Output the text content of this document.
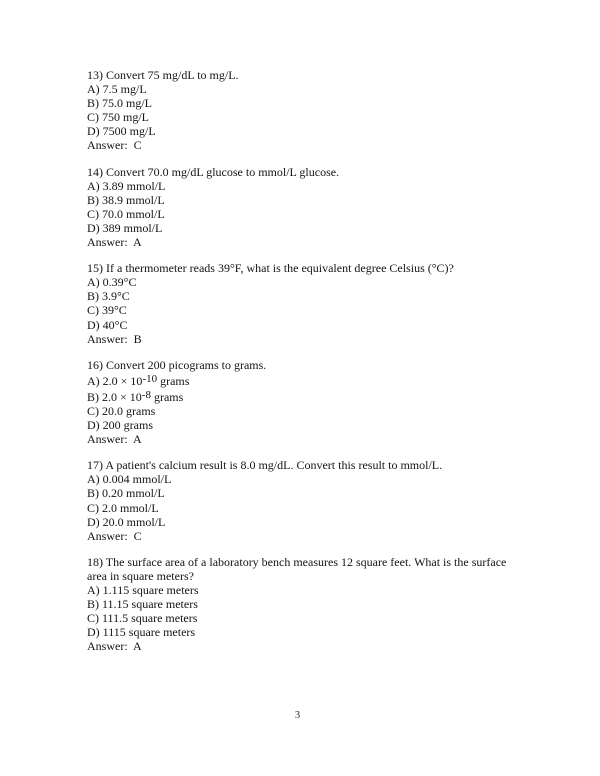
13) Convert 75 mg/dL to mg/L.
A) 7.5 mg/L
B) 75.0 mg/L
C) 750 mg/L
D) 7500 mg/L
Answer:  C
14) Convert 70.0 mg/dL glucose to mmol/L glucose.
A) 3.89 mmol/L
B) 38.9 mmol/L
C) 70.0 mmol/L
D) 389 mmol/L
Answer:  A
15) If a thermometer reads 39°F, what is the equivalent degree Celsius (°C)?
A) 0.39°C
B) 3.9°C
C) 39°C
D) 40°C
Answer:  B
16) Convert 200 picograms to grams.
A) 2.0 × 10-10 grams
B) 2.0 × 10-8 grams
C) 20.0 grams
D) 200 grams
Answer:  A
17) A patient's calcium result is 8.0 mg/dL. Convert this result to mmol/L.
A) 0.004 mmol/L
B) 0.20 mmol/L
C) 2.0 mmol/L
D) 20.0 mmol/L
Answer:  C
18) The surface area of a laboratory bench measures 12 square feet. What is the surface
area in square meters?
A) 1.115 square meters
B) 11.15 square meters
C) 111.5 square meters
D) 1115 square meters
Answer:  A
3
